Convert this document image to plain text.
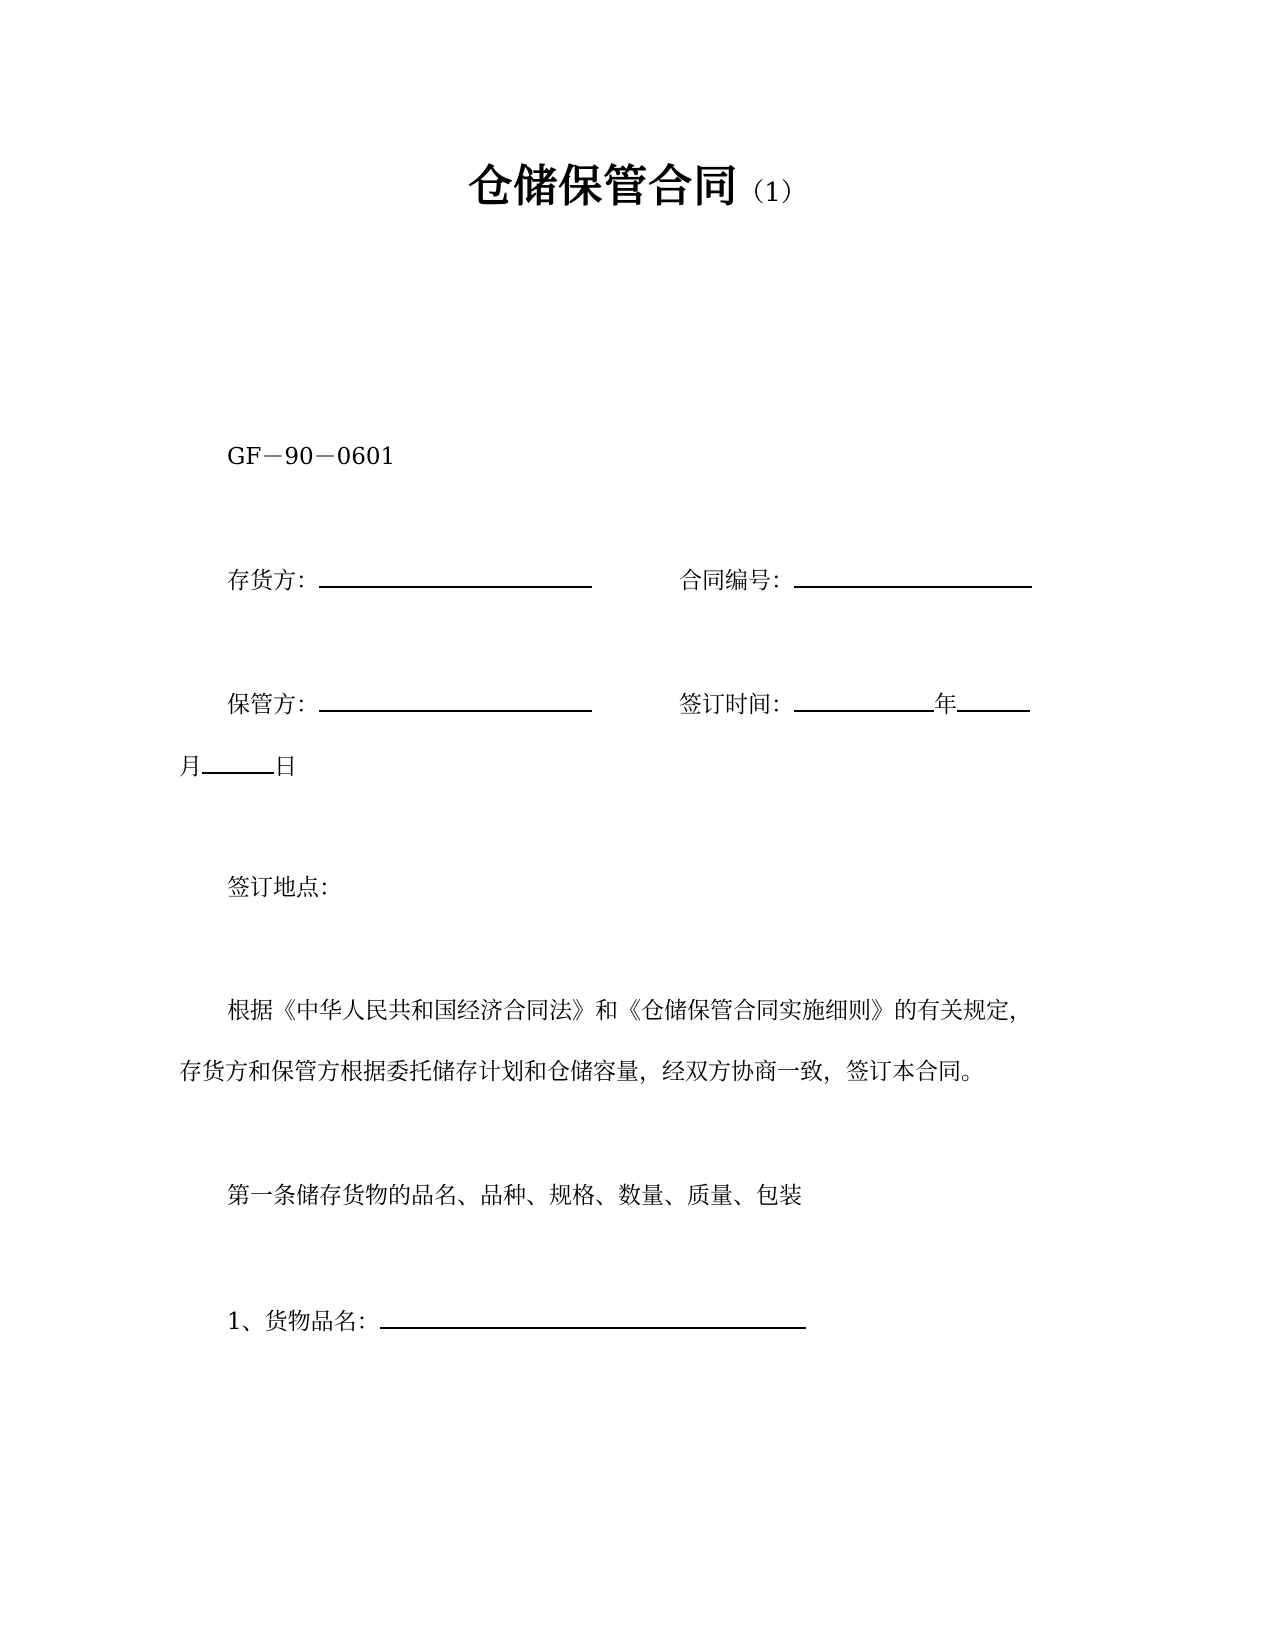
仓储保管合同（1）
GF－90－0601
存货方：	合同编号：
保管方：	签订时间：	年
月	日
签订地点：
根据《中华人民共和国经济合同法》和《仓储保管合同实施细则》的有关规定，
存货方和保管方根据委托储存计划和仓储容量，经双方协商一致，签订本合同。
第一条储存货物的品名、品种、规格、数量、质量、包装
1、货物品名：
